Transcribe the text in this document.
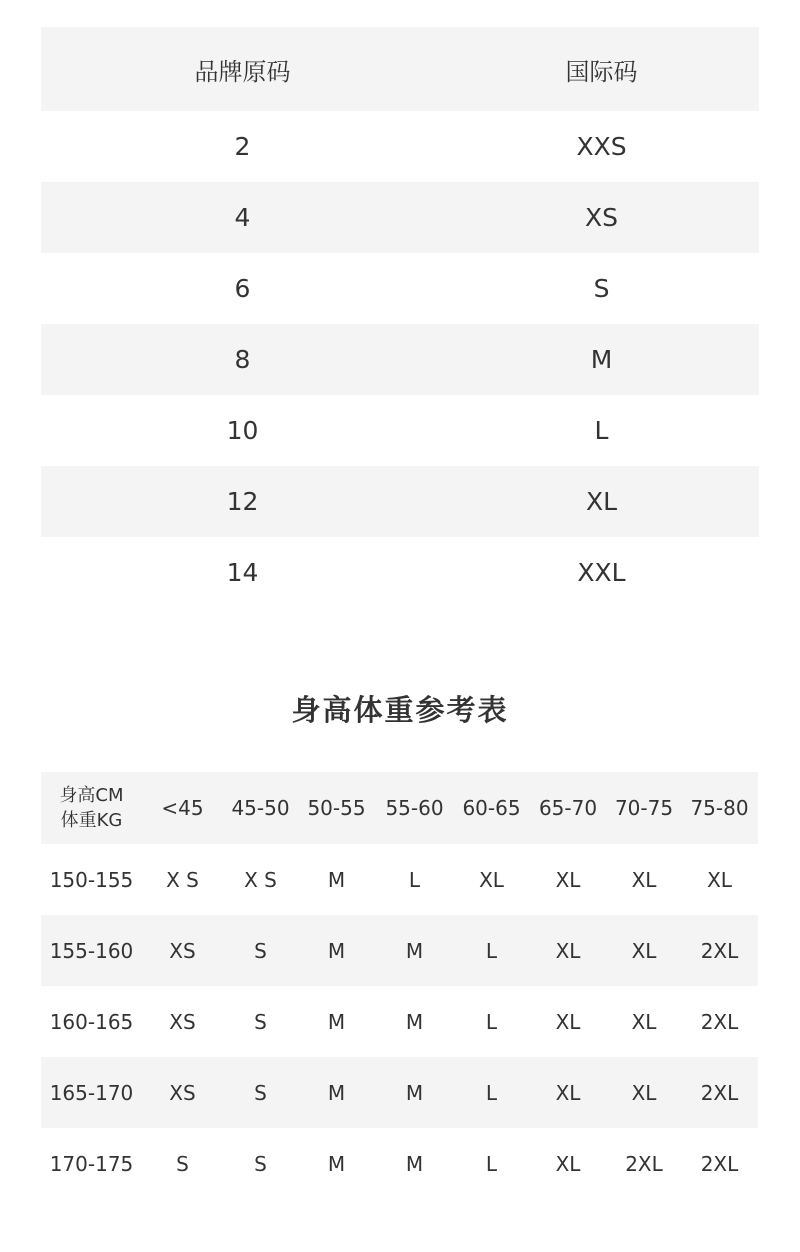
品牌原码	国际码
2	XXS
4	XS
6	S
8	M
10	L
12	XL
14	XXL
身高体重参考表
身高CM
体重KG	<45	45-50	50-55	55-60	60-65	65-70	70-75	75-80
150-155	X S	X S	M	L	XL	XL	XL	XL
155-160	XS	S	M	M	L	XL	XL	2XL
160-165	XS	S	M	M	L	XL	XL	2XL
165-170	XS	S	M	M	L	XL	XL	2XL
170-175	S	S	M	M	L	XL	2XL	2XL
